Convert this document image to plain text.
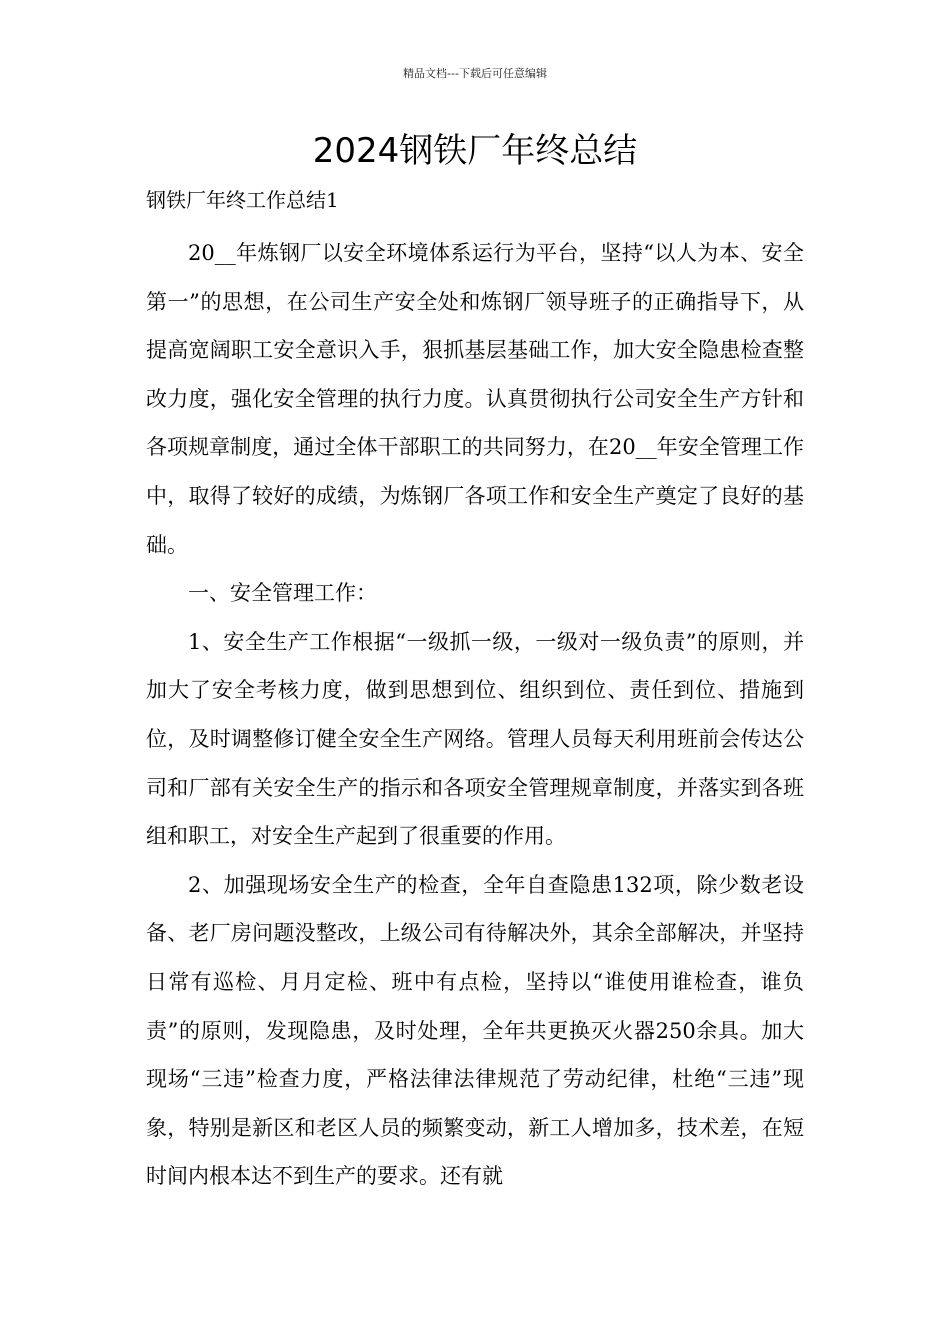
精品文档---下载后可任意编辑
2024钢铁厂年终总结

钢铁厂年终工作总结1

20__年炼钢厂以安全环境体系运行为平台，坚持“以人为本、安全第一”的思想，在公司生产安全处和炼钢厂领导班子的正确指导下，从提高宽阔职工安全意识入手，狠抓基层基础工作，加大安全隐患检查整改力度，强化安全管理的执行力度。认真贯彻执行公司安全生产方针和各项规章制度，通过全体干部职工的共同努力，在20__年安全管理工作中，取得了较好的成绩，为炼钢厂各项工作和安全生产奠定了良好的基础。

一、安全管理工作：

1、安全生产工作根据“一级抓一级，一级对一级负责”的原则，并加大了安全考核力度，做到思想到位、组织到位、责任到位、措施到位，及时调整修订健全安全生产网络。管理人员每天利用班前会传达公司和厂部有关安全生产的指示和各项安全管理规章制度，并落实到各班组和职工，对安全生产起到了很重要的作用。

2、加强现场安全生产的检查，全年自查隐患132项，除少数老设备、老厂房问题没整改，上级公司有待解决外，其余全部解决，并坚持日常有巡检、月月定检、班中有点检，坚持以“谁使用谁检查，谁负责”的原则，发现隐患，及时处理，全年共更换灭火器250余具。加大现场“三违”检查力度，严格法律法律规范了劳动纪律，杜绝“三违”现象，特别是新区和老区人员的频繁变动，新工人增加多，技术差，在短时间内根本达不到生产的要求。还有就
